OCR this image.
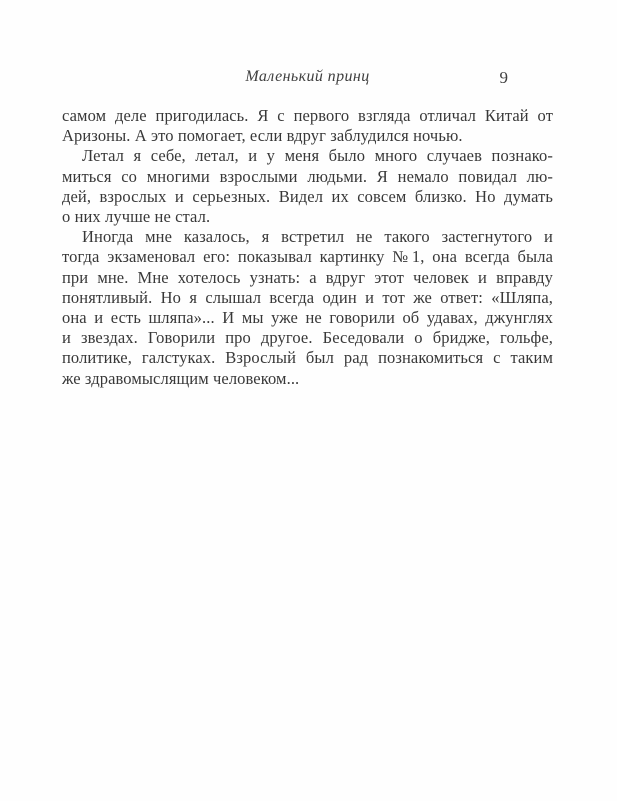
Маленький принц	9
самом деле пригодилась. Я с первого взгляда отличал Китай от
Аризоны. А это помогает, если вдруг заблудился ночью.
Летал я себе, летал, и у меня было много случаев познако-
миться со многими взрослыми людьми. Я немало повидал лю-
дей, взрослых и серьезных. Видел их совсем близко. Но думать
о них лучше не стал.
Иногда мне казалось, я встретил не такого застегнутого и
тогда экзаменовал его: показывал картинку №1, она всегда была
при мне. Мне хотелось узнать: а вдруг этот человек и вправду
понятливый. Но я слышал всегда один и тот же ответ: «Шляпа,
она и есть шляпа»... И мы уже не говорили об удавах, джунглях
и звездах. Говорили про другое. Беседовали о бридже, гольфе,
политике, галстуках. Взрослый был рад познакомиться с таким
же здравомыслящим человеком...
